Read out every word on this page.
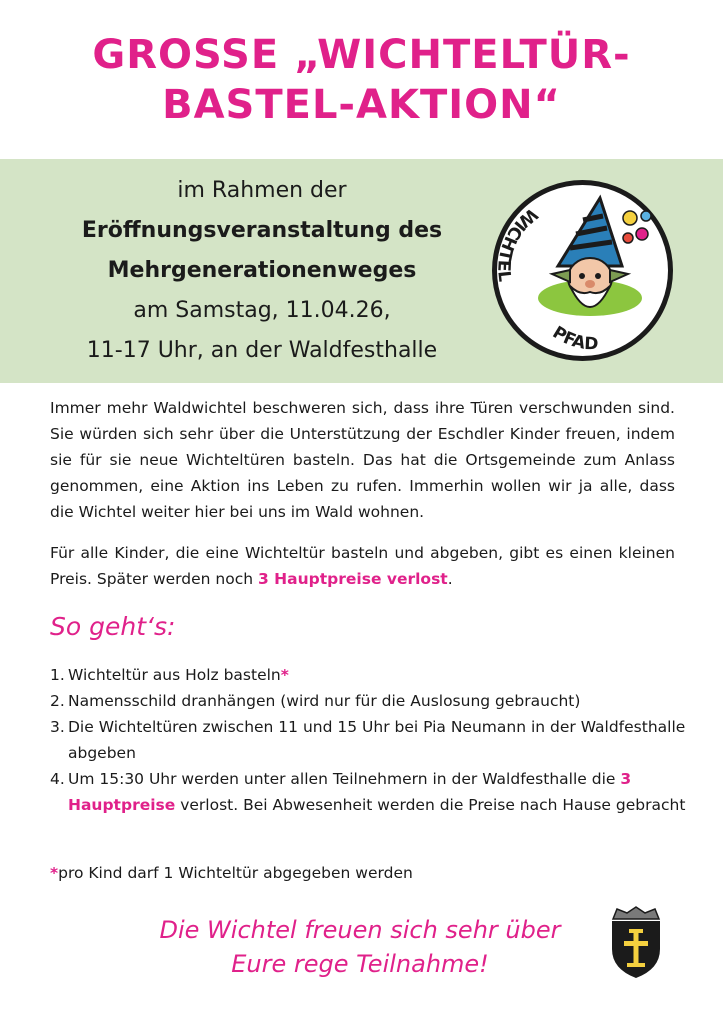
GROSSE „WICHTELTÜR-
BASTEL-AKTION“
im Rahmen der
Eröffnungsveranstaltung des
Mehrgenerationenweges
am Samstag, 11.04.26,
11-17 Uhr, an der Waldfesthalle
WICHTEL
PFAD
Immer mehr Waldwichtel beschweren sich, dass ihre Türen verschwunden sind. Sie würden sich sehr über die Unterstützung der Eschdler Kinder freuen, indem sie für sie neue Wichteltüren basteln. Das hat die Ortsgemeinde zum Anlass genommen, eine Aktion ins Leben zu rufen. Immerhin wollen wir ja alle, dass die Wichtel weiter hier bei uns im Wald wohnen.
Für alle Kinder, die eine Wichteltür basteln und abgeben, gibt es einen kleinen Preis. Später werden noch 3 Hauptpreise verlost.
So geht‘s:
1. Wichteltür aus Holz basteln*
2. Namensschild dranhängen (wird nur für die Auslosung gebraucht)
3. Die Wichteltüren zwischen 11 und 15 Uhr bei Pia Neumann in der Waldfesthalle abgeben
4. Um 15:30 Uhr werden unter allen Teilnehmern in der Waldfesthalle die 3 Hauptpreise verlost. Bei Abwesenheit werden die Preise nach Hause gebracht
*pro Kind darf 1 Wichteltür abgegeben werden
Die Wichtel freuen sich sehr über
Eure rege Teilnahme!
